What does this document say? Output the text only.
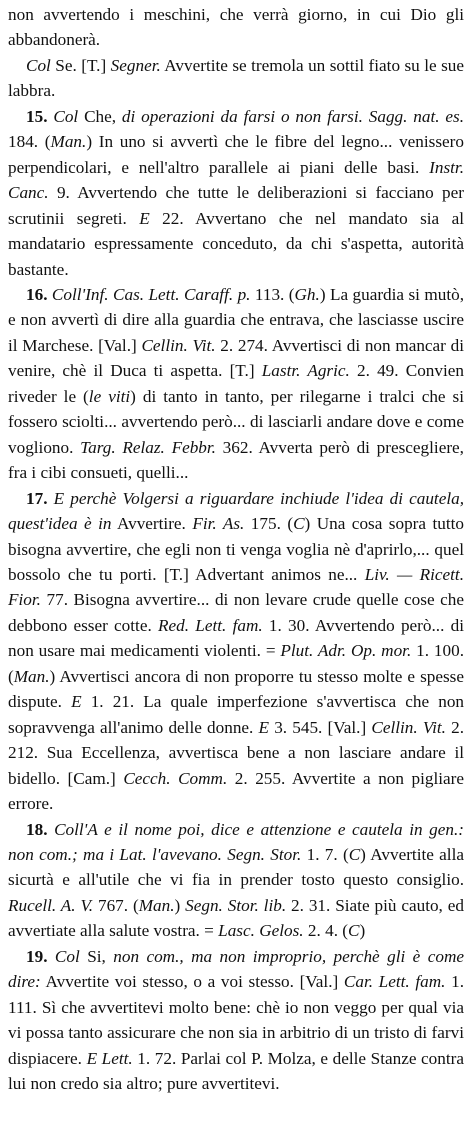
non avvertendo i meschini, che verrà giorno, in cui Dio gli abbandonerà.

Col Se. [T.] Segner. Avvertite se tremola un sottil fiato su le sue labbra.

15. Col Che, di operazioni da farsi o non farsi. Sagg. nat. es. 184. (Man.) In uno si avvertì che le fibre del legno... venissero perpendicolari, e nell'altro parallele ai piani delle basi. Instr. Canc. 9. Avvertendo che tutte le deliberazioni si facciano per scrutinii segreti. E 22. Avvertano che nel mandato sia al mandatario espressamente conceduto, da chi s'aspetta, autorità bastante.

16. Coll'Inf. Cas. Lett. Caraff. p. 113. (Gh.) La guardia si mutò, e non avvertì di dire alla guardia che entrava, che lasciasse uscire il Marchese. [Val.] Cellin. Vit. 2. 274. Avvertisci di non mancar di venire, chè il Duca ti aspetta. [T.] Lastr. Agric. 2. 49. Convien riveder le (le viti) di tanto in tanto, per rilegarne i tralci che si fossero sciolti... avvertendo però... di lasciarli andare dove e come vogliono. Targ. Relaz. Febbr. 362. Avverta però di prescegliere, fra i cibi consueti, quelli...

17. E perchè Volgersi a riguardare inchiude l'idea di cautela, quest'idea è in Avvertire. Fir. As. 175. (C) Una cosa sopra tutto bisogna avvertire, che egli non ti venga voglia nè d'aprirlo,... quel bossolo che tu porti. [T.] Advertant animos ne... Liv. — Ricett. Fior. 77. Bisogna avvertire... di non levare crude quelle cose che debbono esser cotte. Red. Lett. fam. 1. 30. Avvertendo però... di non usare mai medicamenti violenti. = Plut. Adr. Op. mor. 1. 100. (Man.) Avvertisci ancora di non proporre tu stesso molte e spesse dispute. E 1. 21. La quale imperfezione s'avvertisca che non sopravvenga all'animo delle donne. E 3. 545. [Val.] Cellin. Vit. 2. 212. Sua Eccellenza, avvertisca bene a non lasciare andare il bidello. [Cam.] Cecch. Comm. 2. 255. Avvertite a non pigliare errore.

18. Coll'A e il nome poi, dice e attenzione e cautela in gen.: non com.; ma i Lat. l'avevano. Segn. Stor. 1. 7. (C) Avvertite alla sicurtà e all'utile che vi fia in prender tosto questo consiglio. Rucell. A. V. 767. (Man.) Segn. Stor. lib. 2. 31. Siate più cauto, ed avvertiate alla salute vostra. = Lasc. Gelos. 2. 4. (C)

19. Col Si, non com., ma non improprio, perchè gli è come dire: Avvertite voi stesso, o a voi stesso. [Val.] Car. Lett. fam. 1. 111. Sì che avvertitevi molto bene: chè io non veggo per qual via vi possa tanto assicurare che non sia in arbitrio di un tristo di farvi dispiacere. E Lett. 1. 72. Parlai col P. Molza, e delle Stanze contra lui non credo sia altro; pure avvertitevi.
